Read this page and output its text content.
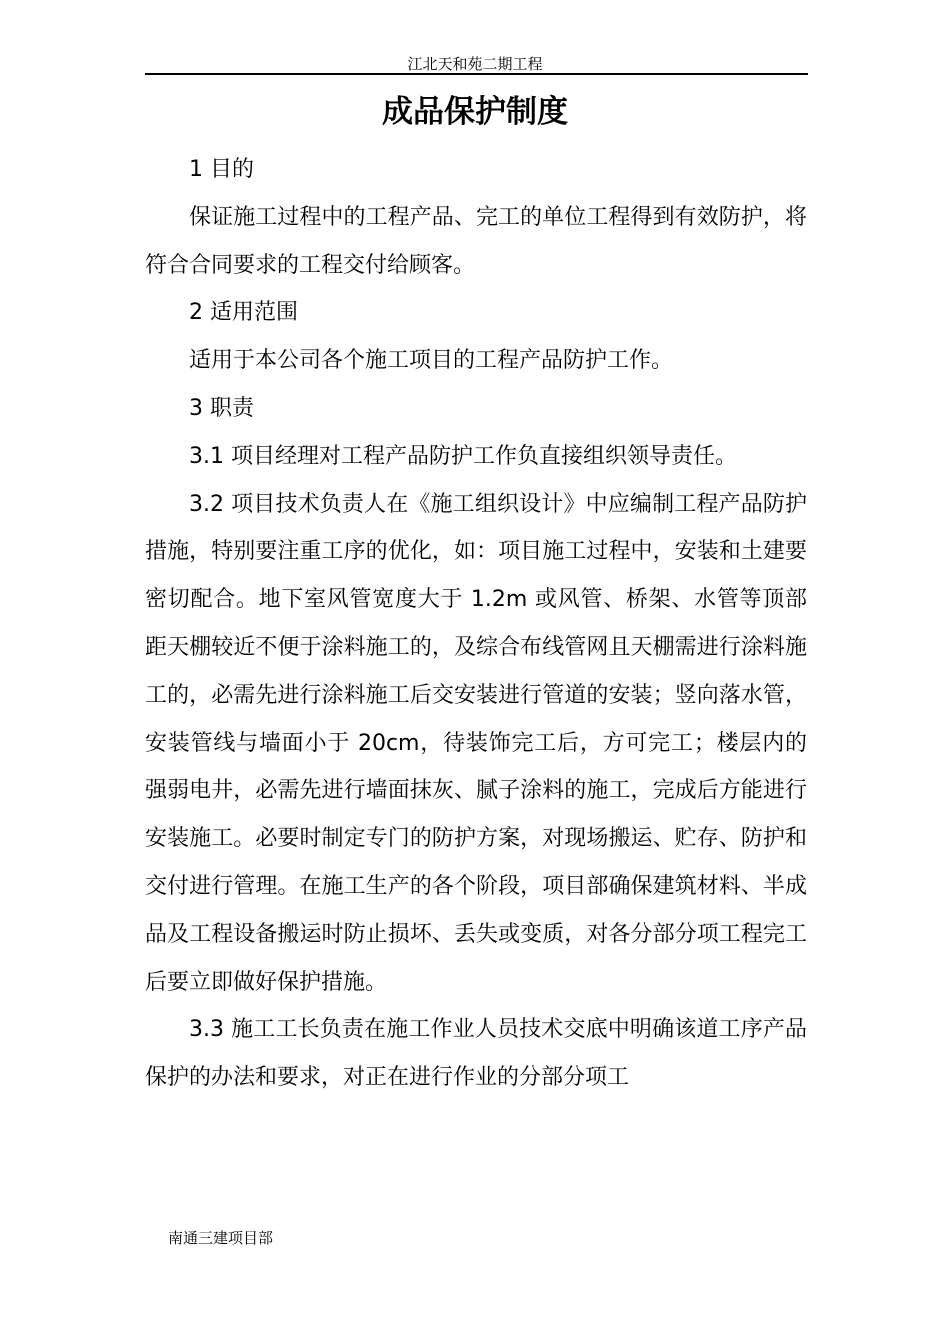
江北天和苑二期工程
成品保护制度

1 目的

保证施工过程中的工程产品、完工的单位工程得到有效防护，将符合合同要求的工程交付给顾客。

2 适用范围

适用于本公司各个施工项目的工程产品防护工作。

3 职责

3.1 项目经理对工程产品防护工作负直接组织领导责任。

3.2 项目技术负责人在《施工组织设计》中应编制工程产品防护措施，特别要注重工序的优化，如：项目施工过程中，安装和土建要密切配合。地下室风管宽度大于 1.2m 或风管、桥架、水管等顶部距天棚较近不便于涂料施工的，及综合布线管网且天棚需进行涂料施工的，必需先进行涂料施工后交安装进行管道的安装；竖向落水管，安装管线与墙面小于 20cm，待装饰完工后，方可完工；楼层内的强弱电井，必需先进行墙面抹灰、腻子涂料的施工，完成后方能进行安装施工。必要时制定专门的防护方案，对现场搬运、贮存、防护和交付进行管理。在施工生产的各个阶段，项目部确保建筑材料、半成品及工程设备搬运时防止损坏、丢失或变质，对各分部分项工程完工后要立即做好保护措施。

3.3 施工工长负责在施工作业人员技术交底中明确该道工序产品保护的办法和要求，对正在进行作业的分部分项工

南通三建项目部
